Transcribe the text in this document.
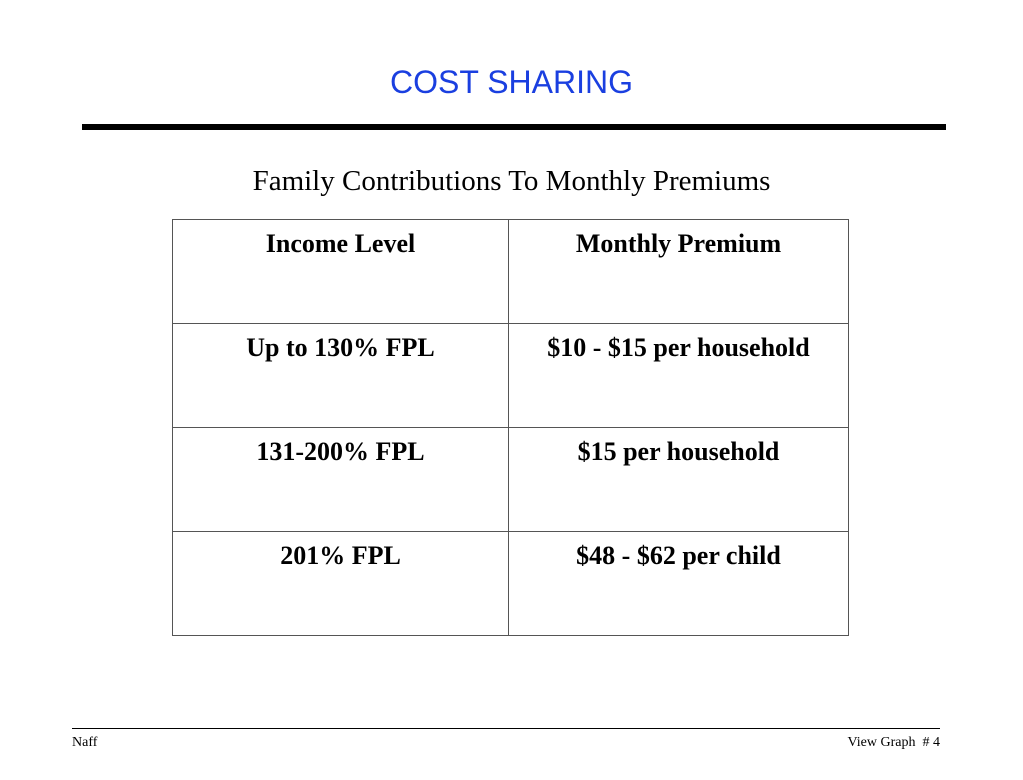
COST SHARING
Family Contributions To Monthly Premiums
Income Level	Monthly Premium
Up to 130% FPL	$10 - $15 per household
131-200% FPL	$15 per household
201% FPL	$48 - $62 per child
Naff	View Graph  # 4
